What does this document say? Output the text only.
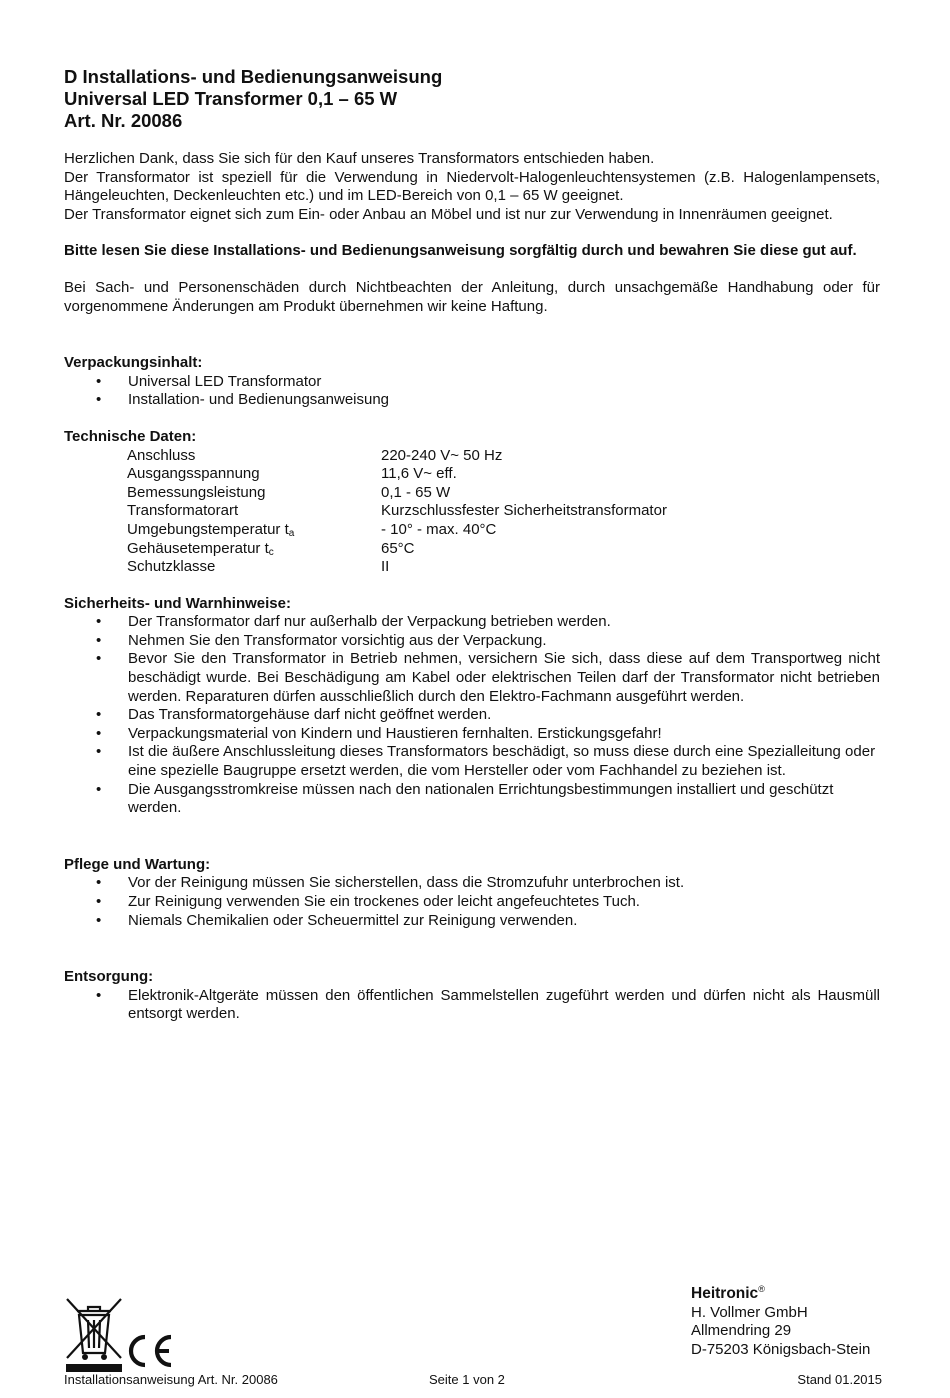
D Installations- und Bedienungsanweisung

Universal LED Transformer 0,1 – 65 W

Art. Nr. 20086

Herzlichen Dank, dass Sie sich für den Kauf unseres Transformators entschieden haben.

Der Transformator ist speziell für die Verwendung in Niedervolt-Halogenleuchtensystemen (z.B. Halogenlampensets, Hängeleuchten, Deckenleuchten etc.) und im LED-Bereich von 0,1 – 65 W geeignet.

Der Transformator eignet sich zum Ein- oder Anbau an Möbel und ist nur zur Verwendung in Innenräumen geeignet.

Bitte lesen Sie diese Installations- und Bedienungsanweisung sorgfältig durch und bewahren Sie diese gut auf.

Bei Sach- und Personenschäden durch Nichtbeachten der Anleitung, durch unsachgemäße Handhabung oder für vorgenommene Änderungen am Produkt übernehmen wir keine Haftung.

Verpackungsinhalt:

• Universal LED Transformator
• Installation- und Bedienungsanweisung

Technische Daten:

Anschluss	220-240 V~ 50 Hz
Ausgangsspannung	11,6 V~ eff.
Bemessungsleistung	0,1 - 65 W
Transformatorart	Kurzschlussfester Sicherheitstransformator
Umgebungstemperatur $t_a$	- 10° - max. 40°C
Gehäusetemperatur $t_c$	65°C
Schutzklasse	II

Sicherheits- und Warnhinweise:

• Der Transformator darf nur außerhalb der Verpackung betrieben werden.
• Nehmen Sie den Transformator vorsichtig aus der Verpackung.
• Bevor Sie den Transformator in Betrieb nehmen, versichern Sie sich, dass diese auf dem Transportweg nicht beschädigt wurde. Bei Beschädigung am Kabel oder elektrischen Teilen darf der Transformator nicht betrieben werden. Reparaturen dürfen ausschließlich durch den Elektro-Fachmann ausgeführt werden.
• Das Transformatorgehäuse darf nicht geöffnet werden.
• Verpackungsmaterial von Kindern und Haustieren fernhalten. Erstickungsgefahr!
• Ist die äußere Anschlussleitung dieses Transformators beschädigt, so muss diese durch eine Spezialleitung oder eine spezielle Baugruppe ersetzt werden, die vom Hersteller oder vom Fachhandel zu beziehen ist.
• Die Ausgangsstromkreise müssen nach den nationalen Errichtungsbestimmungen installiert und geschützt werden.

Pflege und Wartung:

• Vor der Reinigung müssen Sie sicherstellen, dass die Stromzufuhr unterbrochen ist.
• Zur Reinigung verwenden Sie ein trockenes oder leicht angefeuchtetes Tuch.
• Niemals Chemikalien oder Scheuermittel zur Reinigung verwenden.

Entsorgung:

• Elektronik-Altgeräte müssen den öffentlichen Sammelstellen zugeführt werden und dürfen nicht als Hausmüll entsorgt werden.
Heitronic®
H. Vollmer GmbH
Allmendring 29
D-75203 Königsbach-Stein
Installationsanweisung Art. Nr. 20086	Seite 1 von 2	Stand 01.2015
